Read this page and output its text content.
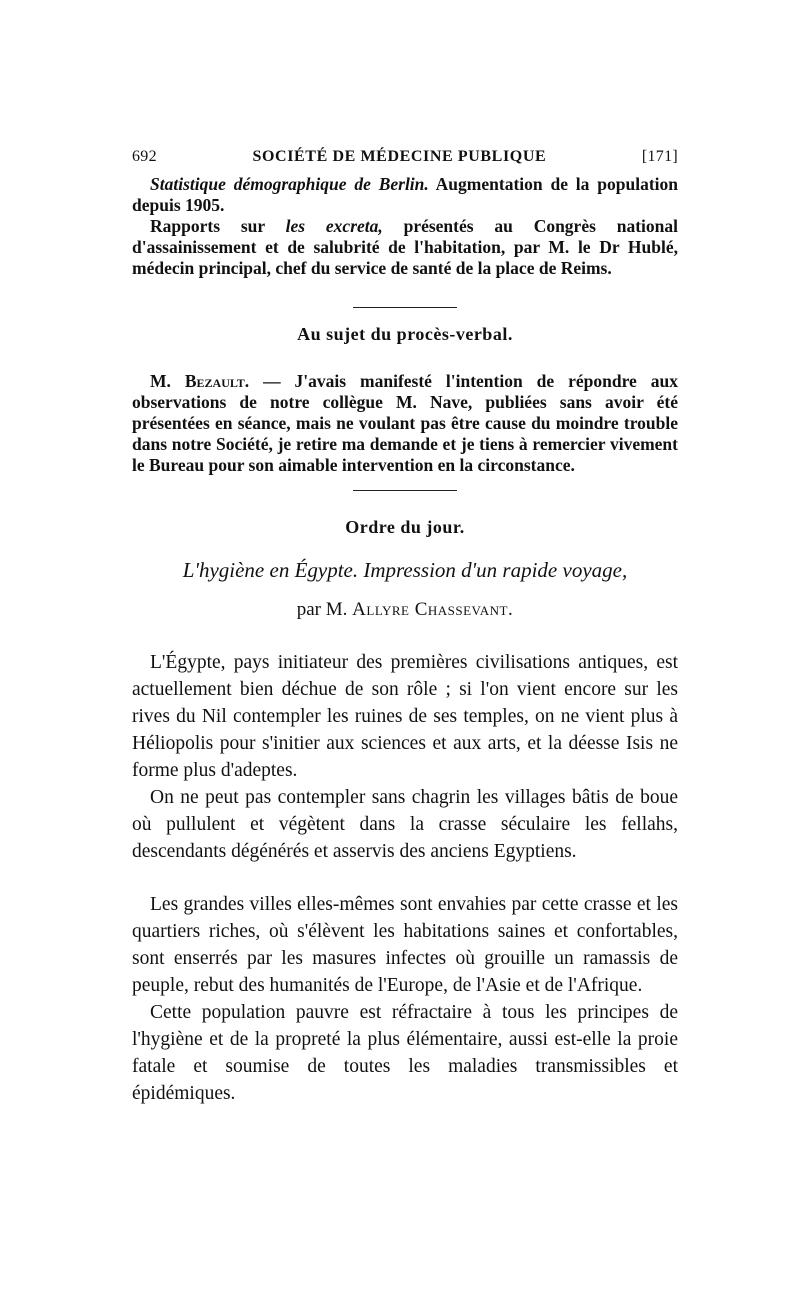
692	SOCIÉTÉ DE MÉDECINE PUBLIQUE	[171]

Statistique démographique de Berlin. Augmentation de la population depuis 1905.

Rapports sur les excreta, présentés au Congrès national d'assainissement et de salubrité de l'habitation, par M. le Dr Hublé, médecin principal, chef du service de santé de la place de Reims.

Au sujet du procès-verbal.

M. Bezault. — J'avais manifesté l'intention de répondre aux observations de notre collègue M. Nave, publiées sans avoir été présentées en séance, mais ne voulant pas être cause du moindre trouble dans notre Société, je retire ma demande et je tiens à remercier vivement le Bureau pour son aimable intervention en la circonstance.

Ordre du jour.

L'hygiène en Égypte. Impression d'un rapide voyage,

par M. Allyre Chassevant.

L'Égypte, pays initiateur des premières civilisations antiques, est actuellement bien déchue de son rôle ; si l'on vient encore sur les rives du Nil contempler les ruines de ses temples, on ne vient plus à Héliopolis pour s'initier aux sciences et aux arts, et la déesse Isis ne forme plus d'adeptes.

On ne peut pas contempler sans chagrin les villages bâtis de boue où pullulent et végètent dans la crasse séculaire les fellahs, descendants dégénérés et asservis des anciens Egyptiens.

Les grandes villes elles-mêmes sont envahies par cette crasse et les quartiers riches, où s'élèvent les habitations saines et confortables, sont enserrés par les masures infectes où grouille un ramassis de peuple, rebut des humanités de l'Europe, de l'Asie et de l'Afrique.

Cette population pauvre est réfractaire à tous les principes de l'hygiène et de la propreté la plus élémentaire, aussi est-elle la proie fatale et soumise de toutes les maladies transmissibles et épidémiques.
